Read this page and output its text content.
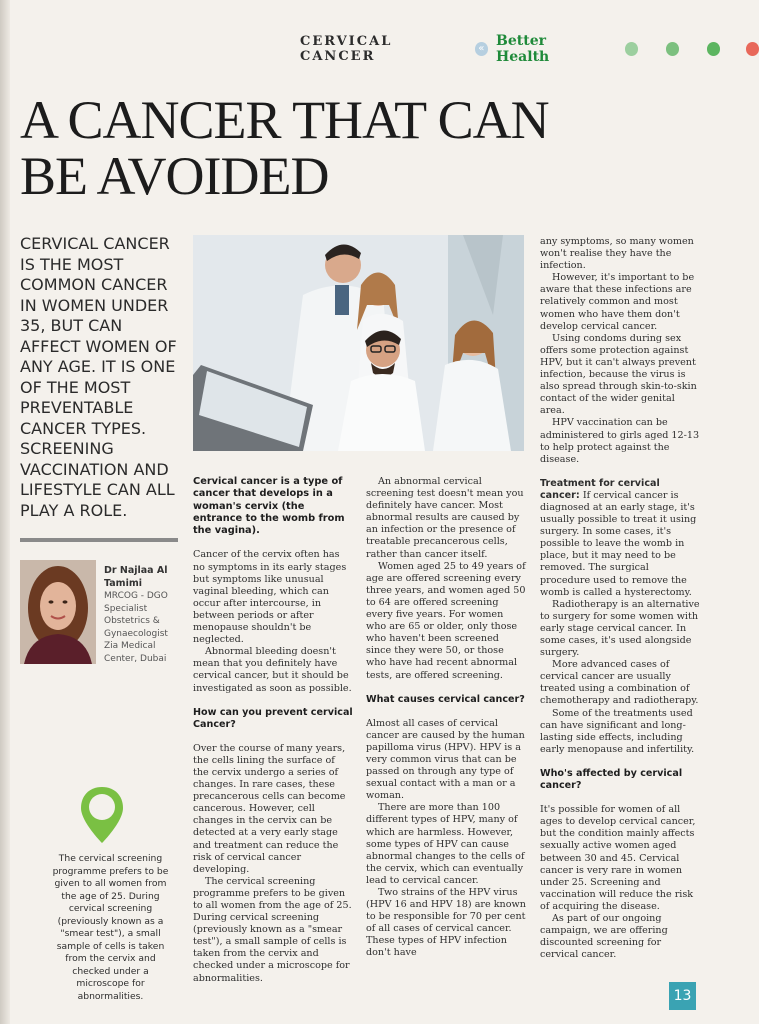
CERVICAL CANCER
« Better Health
A CANCER THAT CAN
BE AVOIDED
CERVICAL CANCER IS THE MOST COMMON CANCER IN WOMEN UNDER 35, BUT CAN AFFECT WOMEN OF ANY AGE. IT IS ONE OF THE MOST PREVENTABLE CANCER TYPES. SCREENING VACCINATION AND LIFESTYLE CAN ALL PLAY A ROLE.
Dr Najlaa Al Tamimi
MRCOG - DGO Specialist Obstetrics & Gynaecologist
Zia Medical Center, Dubai
The cervical screening programme prefers to be given to all women from the age of 25. During cervical screening (previously known as a "smear test"), a small sample of cells is taken from the cervix and checked under a microscope for abnormalities.

Cervical cancer is a type of cancer that develops in a woman's cervix (the entrance to the womb from the vagina).

Cancer of the cervix often has no symptoms in its early stages but symptoms like unusual vaginal bleeding, which can occur after intercourse, in between periods or after menopause shouldn't be neglected.

Abnormal bleeding doesn't mean that you definitely have cervical cancer, but it should be investigated as soon as possible.

How can you prevent cervical Cancer?

Over the course of many years, the cells lining the surface of the cervix undergo a series of changes. In rare cases, these precancerous cells can become cancerous. However, cell changes in the cervix can be detected at a very early stage and treatment can reduce the risk of cervical cancer developing.

The cervical screening programme prefers to be given to all women from the age of 25. During cervical screening (previously known as a "smear test"), a small sample of cells is taken from the cervix and checked under a microscope for abnormalities.

An abnormal cervical screening test doesn't mean you definitely have cancer. Most abnormal results are caused by an infection or the presence of treatable precancerous cells, rather than cancer itself.

Women aged 25 to 49 years of age are offered screening every three years, and women aged 50 to 64 are offered screening every five years. For women who are 65 or older, only those who haven't been screened since they were 50, or those who have had recent abnormal tests, are offered screening.

What causes cervical cancer?

Almost all cases of cervical cancer are caused by the human papilloma virus (HPV). HPV is a very common virus that can be passed on through any type of sexual contact with a man or a woman.

There are more than 100 different types of HPV, many of which are harmless. However, some types of HPV can cause abnormal changes to the cells of the cervix, which can eventually lead to cervical cancer.

Two strains of the HPV virus (HPV 16 and HPV 18) are known to be responsible for 70 per cent of all cases of cervical cancer. These types of HPV infection don't have

any symptoms, so many women won't realise they have the infection.

However, it's important to be aware that these infections are relatively common and most women who have them don't develop cervical cancer.

Using condoms during sex offers some protection against HPV, but it can't always prevent infection, because the virus is also spread through skin-to-skin contact of the wider genital area.

HPV vaccination can be administered to girls aged 12-13 to help protect against the disease.

Treatment for cervical cancer: If cervical cancer is diagnosed at an early stage, it's usually possible to treat it using surgery. In some cases, it's possible to leave the womb in place, but it may need to be removed. The surgical procedure used to remove the womb is called a hysterectomy.

Radiotherapy is an alternative to surgery for some women with early stage cervical cancer. In some cases, it's used alongside surgery.

More advanced cases of cervical cancer are usually treated using a combination of chemotherapy and radiotherapy.

Some of the treatments used can have significant and long-lasting side effects, including early menopause and infertility.

Who's affected by cervical cancer?

It's possible for women of all ages to develop cervical cancer, but the condition mainly affects sexually active women aged between 30 and 45. Cervical cancer is very rare in women under 25. Screening and vaccination will reduce the risk of acquiring the disease.

As part of our ongoing campaign, we are offering discounted screening for cervical cancer.

13
